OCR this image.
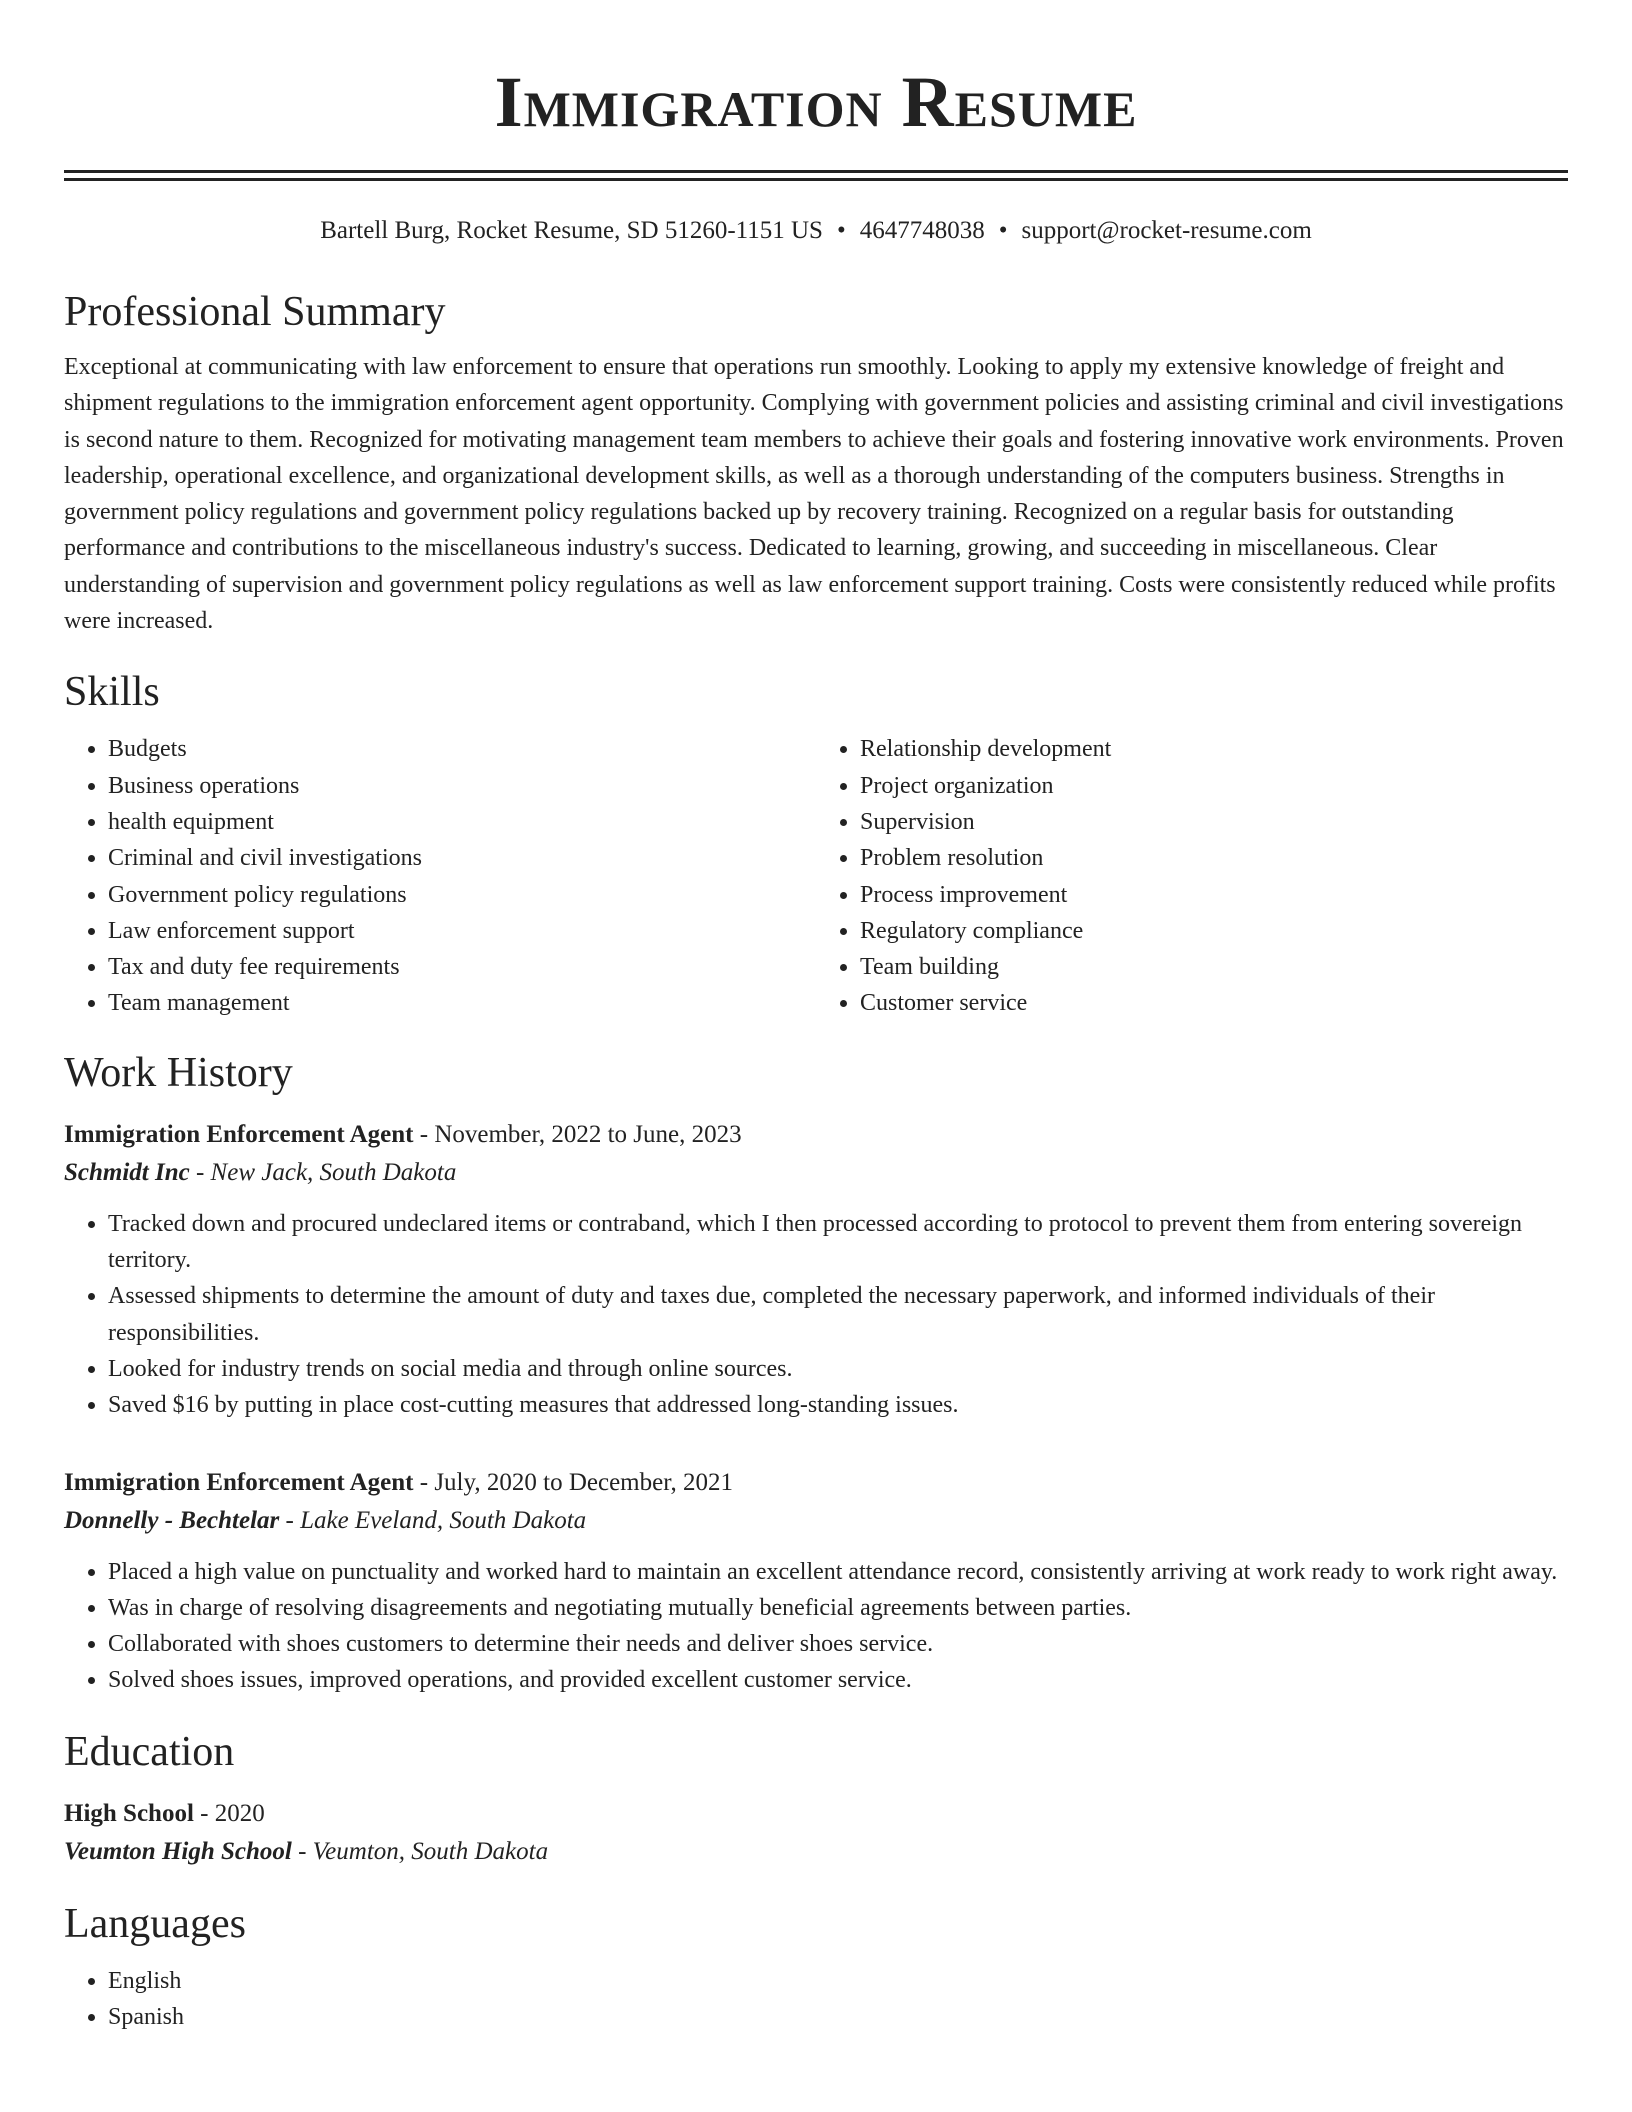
Immigration Resume
Bartell Burg, Rocket Resume, SD 51260-1151 US • 4647748038 • support@rocket-resume.com
Professional Summary

Exceptional at communicating with law enforcement to ensure that operations run smoothly. Looking to apply my extensive knowledge of freight and shipment regulations to the immigration enforcement agent opportunity. Complying with government policies and assisting criminal and civil investigations is second nature to them. Recognized for motivating management team members to achieve their goals and fostering innovative work environments. Proven leadership, operational excellence, and organizational development skills, as well as a thorough understanding of the computers business. Strengths in government policy regulations and government policy regulations backed up by recovery training. Recognized on a regular basis for outstanding performance and contributions to the miscellaneous industry's success. Dedicated to learning, growing, and succeeding in miscellaneous. Clear understanding of supervision and government policy regulations as well as law enforcement support training. Costs were consistently reduced while profits were increased.

Skills
• Budgets
• Business operations
• health equipment
• Criminal and civil investigations
• Government policy regulations
• Law enforcement support
• Tax and duty fee requirements
• Team management
• Relationship development
• Project organization
• Supervision
• Problem resolution
• Process improvement
• Regulatory compliance
• Team building
• Customer service
Work History
Immigration Enforcement Agent - November, 2022 to June, 2023
Schmidt Inc - New Jack, South Dakota
• Tracked down and procured undeclared items or contraband, which I then processed according to protocol to prevent them from entering sovereign territory.
• Assessed shipments to determine the amount of duty and taxes due, completed the necessary paperwork, and informed individuals of their responsibilities.
• Looked for industry trends on social media and through online sources.
• Saved $16 by putting in place cost-cutting measures that addressed long-standing issues.
Immigration Enforcement Agent - July, 2020 to December, 2021
Donnelly - Bechtelar - Lake Eveland, South Dakota
• Placed a high value on punctuality and worked hard to maintain an excellent attendance record, consistently arriving at work ready to work right away.
• Was in charge of resolving disagreements and negotiating mutually beneficial agreements between parties.
• Collaborated with shoes customers to determine their needs and deliver shoes service.
• Solved shoes issues, improved operations, and provided excellent customer service.
Education
High School - 2020
Veumton High School - Veumton, South Dakota
Languages
• English
• Spanish
